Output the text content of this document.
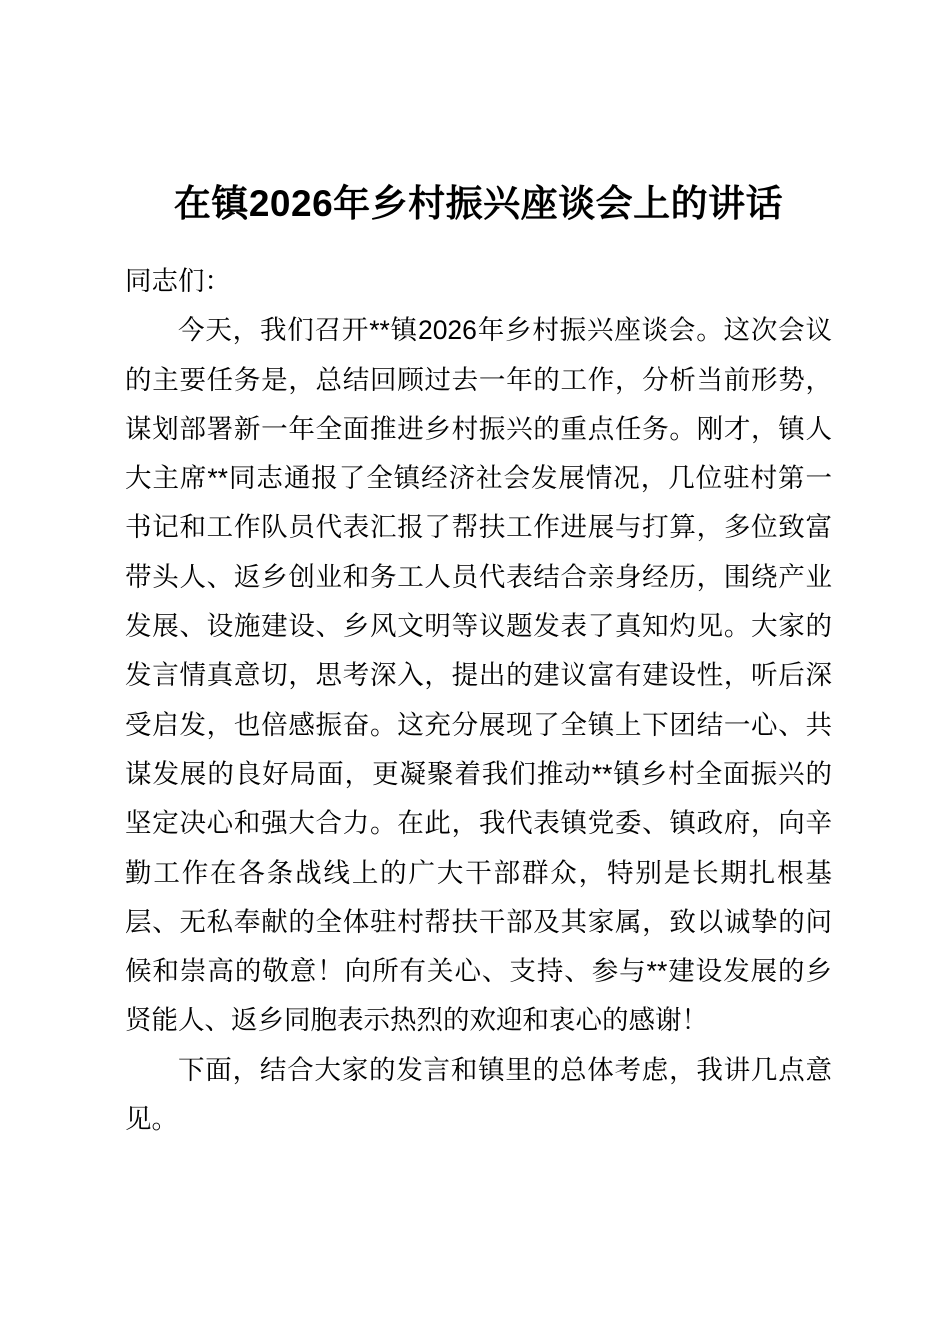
在镇2026年乡村振兴座谈会上的讲话

同志们：

今天，我们召开**镇2026年乡村振兴座谈会。这次会议的主要任务是，总结回顾过去一年的工作，分析当前形势，谋划部署新一年全面推进乡村振兴的重点任务。刚才，镇人大主席**同志通报了全镇经济社会发展情况，几位驻村第一书记和工作队员代表汇报了帮扶工作进展与打算，多位致富带头人、返乡创业和务工人员代表结合亲身经历，围绕产业发展、设施建设、乡风文明等议题发表了真知灼见。大家的发言情真意切，思考深入，提出的建议富有建设性，听后深受启发，也倍感振奋。这充分展现了全镇上下团结一心、共谋发展的良好局面，更凝聚着我们推动**镇乡村全面振兴的坚定决心和强大合力。在此，我代表镇党委、镇政府，向辛勤工作在各条战线上的广大干部群众，特别是长期扎根基层、无私奉献的全体驻村帮扶干部及其家属，致以诚挚的问候和崇高的敬意！向所有关心、支持、参与**建设发展的乡贤能人、返乡同胞表示热烈的欢迎和衷心的感谢！

下面，结合大家的发言和镇里的总体考虑，我讲几点意见。
